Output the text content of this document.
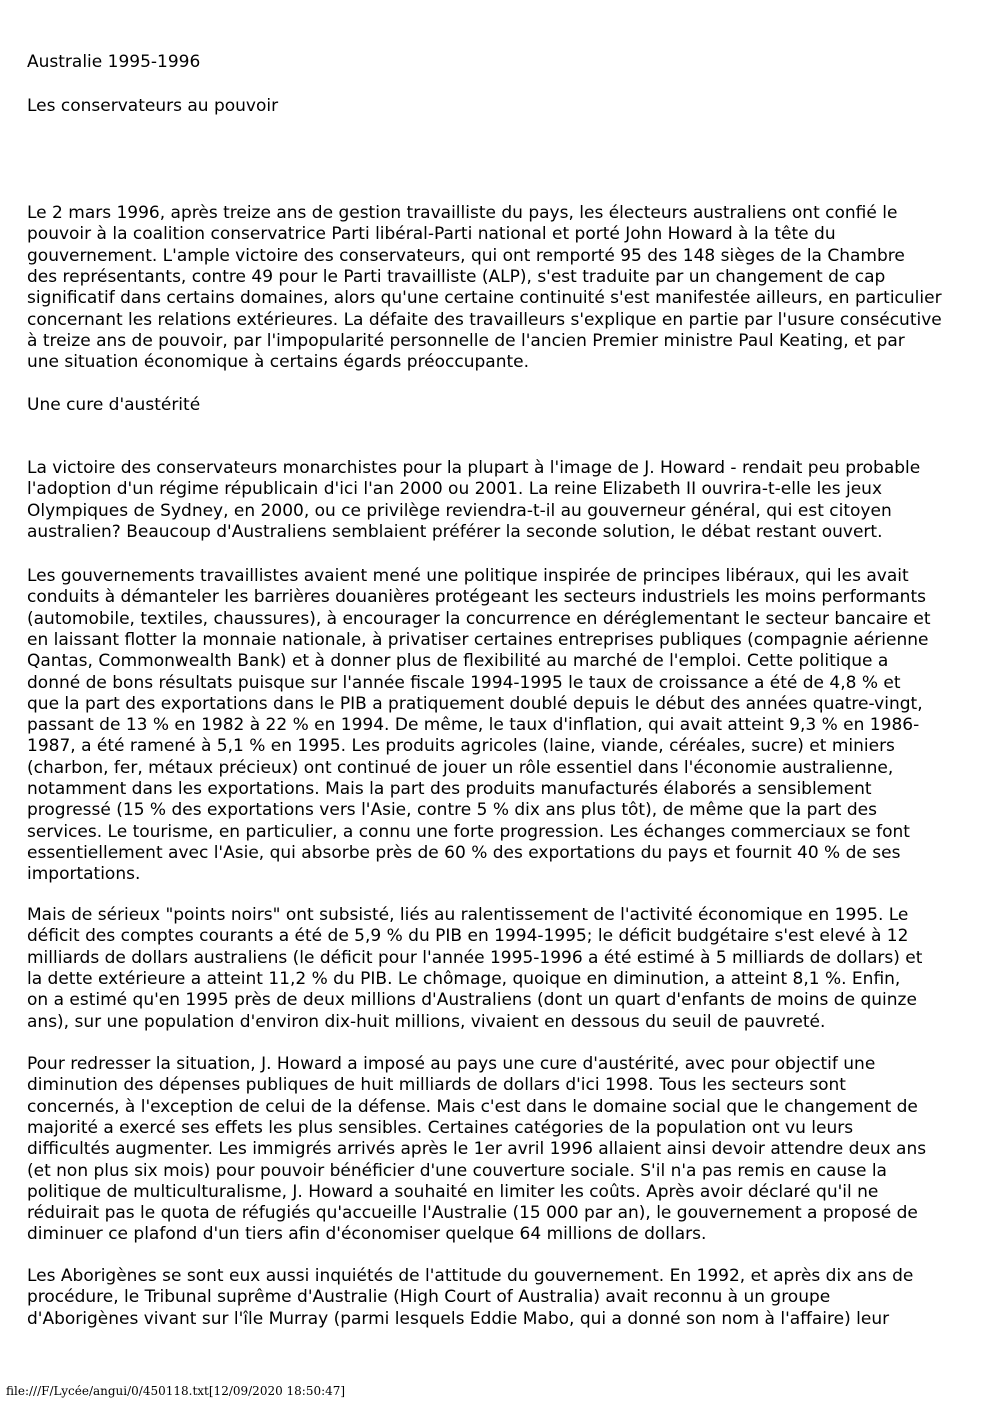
Australie 1995-1996
Les conservateurs au pouvoir
Le 2 mars 1996, après treize ans de gestion travailliste du pays, les électeurs australiens ont confié le
pouvoir à la coalition conservatrice Parti libéral-Parti national et porté John Howard à la tête du
gouvernement. L'ample victoire des conservateurs, qui ont remporté 95 des 148 sièges de la Chambre
des représentants, contre 49 pour le Parti travailliste (ALP), s'est traduite par un changement de cap
significatif dans certains domaines, alors qu'une certaine continuité s'est manifestée ailleurs, en particulier
concernant les relations extérieures. La défaite des travailleurs s'explique en partie par l'usure consécutive
à treize ans de pouvoir, par l'impopularité personnelle de l'ancien Premier ministre Paul Keating, et par
une situation économique à certains égards préoccupante.
Une cure d'austérité
La victoire des conservateurs monarchistes pour la plupart à l'image de J. Howard - rendait peu probable
l'adoption d'un régime républicain d'ici l'an 2000 ou 2001. La reine Elizabeth II ouvrira-t-elle les jeux
Olympiques de Sydney, en 2000, ou ce privilège reviendra-t-il au gouverneur général, qui est citoyen
australien? Beaucoup d'Australiens semblaient préférer la seconde solution, le débat restant ouvert.
Les gouvernements travaillistes avaient mené une politique inspirée de principes libéraux, qui les avait
conduits à démanteler les barrières douanières protégeant les secteurs industriels les moins performants
(automobile, textiles, chaussures), à encourager la concurrence en déréglementant le secteur bancaire et
en laissant flotter la monnaie nationale, à privatiser certaines entreprises publiques (compagnie aérienne
Qantas, Commonwealth Bank) et à donner plus de flexibilité au marché de l'emploi. Cette politique a
donné de bons résultats puisque sur l'année fiscale 1994-1995 le taux de croissance a été de 4,8 % et
que la part des exportations dans le PIB a pratiquement doublé depuis le début des années quatre-vingt,
passant de 13 % en 1982 à 22 % en 1994. De même, le taux d'inflation, qui avait atteint 9,3 % en 1986-
1987, a été ramené à 5,1 % en 1995. Les produits agricoles (laine, viande, céréales, sucre) et miniers
(charbon, fer, métaux précieux) ont continué de jouer un rôle essentiel dans l'économie australienne,
notamment dans les exportations. Mais la part des produits manufacturés élaborés a sensiblement
progressé (15 % des exportations vers l'Asie, contre 5 % dix ans plus tôt), de même que la part des
services. Le tourisme, en particulier, a connu une forte progression. Les échanges commerciaux se font
essentiellement avec l'Asie, qui absorbe près de 60 % des exportations du pays et fournit 40 % de ses
importations.
Mais de sérieux "points noirs" ont subsisté, liés au ralentissement de l'activité économique en 1995. Le
déficit des comptes courants a été de 5,9 % du PIB en 1994-1995; le déficit budgétaire s'est elevé à 12
milliards de dollars australiens (le déficit pour l'année 1995-1996 a été estimé à 5 milliards de dollars) et
la dette extérieure a atteint 11,2 % du PIB. Le chômage, quoique en diminution, a atteint 8,1 %. Enfin,
on a estimé qu'en 1995 près de deux millions d'Australiens (dont un quart d'enfants de moins de quinze
ans), sur une population d'environ dix-huit millions, vivaient en dessous du seuil de pauvreté.
Pour redresser la situation, J. Howard a imposé au pays une cure d'austérité, avec pour objectif une
diminution des dépenses publiques de huit milliards de dollars d'ici 1998. Tous les secteurs sont
concernés, à l'exception de celui de la défense. Mais c'est dans le domaine social que le changement de
majorité a exercé ses effets les plus sensibles. Certaines catégories de la population ont vu leurs
difficultés augmenter. Les immigrés arrivés après le 1er avril 1996 allaient ainsi devoir attendre deux ans
(et non plus six mois) pour pouvoir bénéficier d'une couverture sociale. S'il n'a pas remis en cause la
politique de multiculturalisme, J. Howard a souhaité en limiter les coûts. Après avoir déclaré qu'il ne
réduirait pas le quota de réfugiés qu'accueille l'Australie (15 000 par an), le gouvernement a proposé de
diminuer ce plafond d'un tiers afin d'économiser quelque 64 millions de dollars.
Les Aborigènes se sont eux aussi inquiétés de l'attitude du gouvernement. En 1992, et après dix ans de
procédure, le Tribunal suprême d'Australie (High Court of Australia) avait reconnu à un groupe
d'Aborigènes vivant sur l'île Murray (parmi lesquels Eddie Mabo, qui a donné son nom à l'affaire) leur
file:///F/Lycée/angui/0/450118.txt[12/09/2020 18:50:47]
